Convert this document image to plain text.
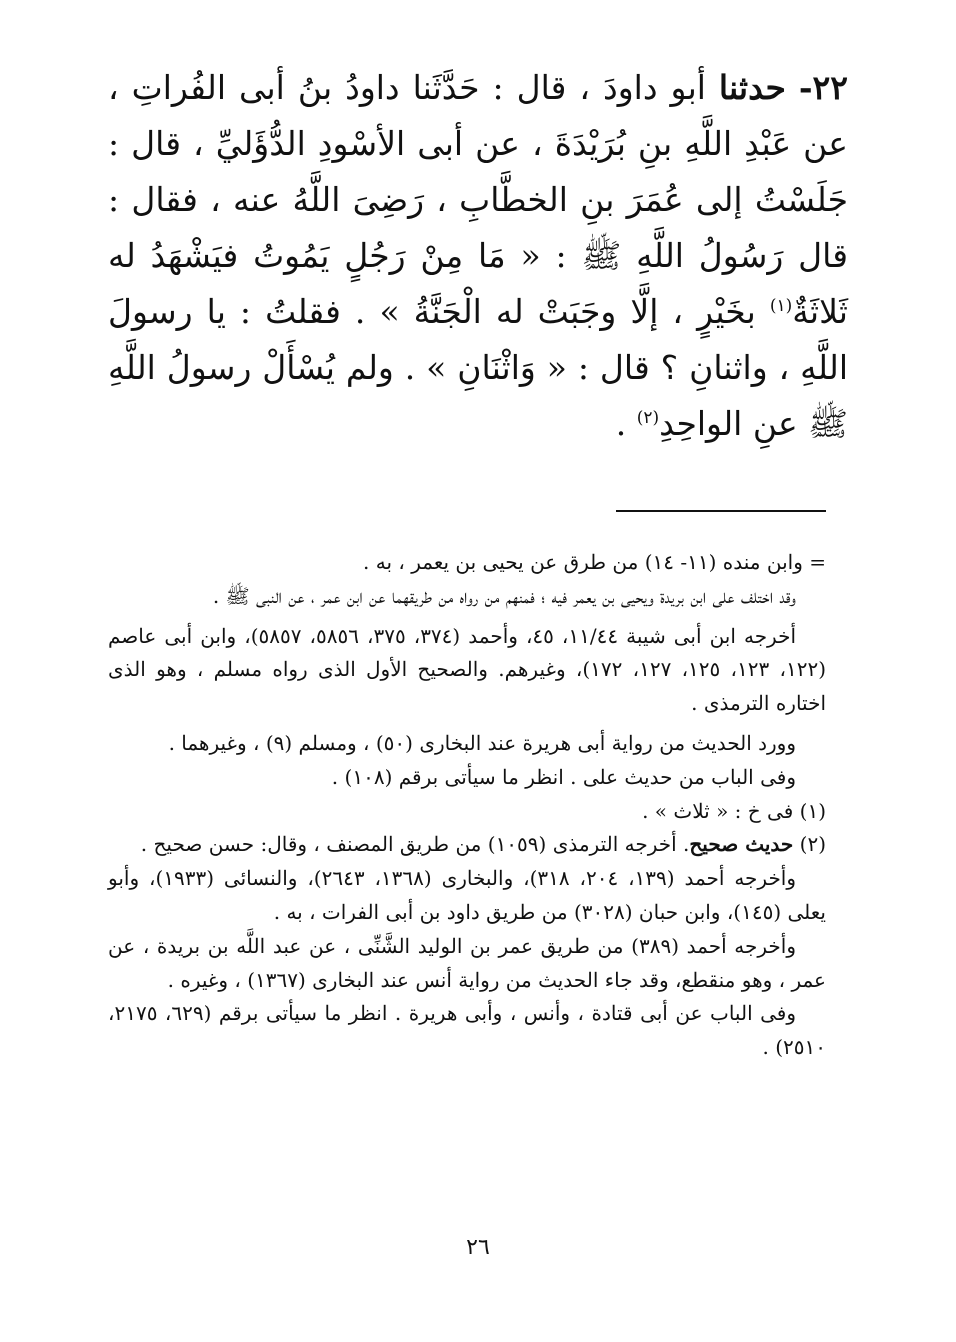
٢٢- حدثنا أبو داودَ ، قال : حَدَّثَنا داودُ بنُ أبى الفُراتِ ، عن عَبْدِ اللَّهِ بنِ بُرَيْدَةَ ، عن أبى الأسْودِ الدُّؤَليِّ ، قال : جَلَسْتُ إلى عُمَرَ بنِ الخطَّابِ ، رَضِىَ اللَّهُ عنه ، فقال : قال رَسُولُ اللَّهِ ﷺ : « مَا مِنْ رَجُلٍ يَمُوتُ فيَشْهَدُ له ثَلاثَةٌ$^{(١)}$ بخَيْرٍ ، إلَّا وجَبَتْ له الْجَنَّةُ » . فقلتُ : يا رسولَ اللَّهِ ، واثنانِ ؟ قال : « وَاثْنَانِ » . ولم يُسْأَلْ رسولُ اللَّهِ ﷺ عنِ الواحِدِ$^{(٢)}$ .

= وابن منده (١١- ١٤) من طرق عن يحيى بن يعمر ، به .

وقد اختلف على ابن بريدة ويحيى بن يعمر فيه ؛ فمنهم من رواه من طريقهما عن ابن عمر ، عن النبى ﷺ .

أخرجه ابن أبى شيبة ١١/٤٤، ٤٥، وأحمد (٣٧٤، ٣٧٥، ٥٨٥٦، ٥٨٥٧)، وابن أبى عاصم (١٢٢، ١٢٣، ١٢٥، ١٢٧، ١٧٢)، وغيرهم. والصحيح الأول الذى رواه مسلم ، وهو الذى اختاره الترمذى .

وورد الحديث من رواية أبى هريرة عند البخارى (٥٠) ، ومسلم (٩) ، وغيرهما .

وفى الباب من حديث على . انظر ما سيأتى برقم (١٠٨) .

(١) فى خ : « ثلاث » .

(٢) حديث صحيح. أخرجه الترمذى (١٠٥٩) من طريق المصنف ، وقال: حسن صحيح .

وأخرجه أحمد (١٣٩، ٢٠٤، ٣١٨)، والبخارى (١٣٦٨، ٢٦٤٣)، والنسائى (١٩٣٣)، وأبو يعلى (١٤٥)، وابن حبان (٣٠٢٨) من طريق داود بن أبى الفرات ، به .

وأخرجه أحمد (٣٨٩) من طريق عمر بن الوليد الشَّنِّى ، عن عبد اللَّه بن بريدة ، عن عمر ، وهو منقطع، وقد جاء الحديث من رواية أنس عند البخارى (١٣٦٧) ، وغيره .

وفى الباب عن أبى قتادة ، وأنس ، وأبى هريرة . انظر ما سيأتى برقم (٦٢٩، ٢١٧٥، ٢٥١٠) .

٢٦
